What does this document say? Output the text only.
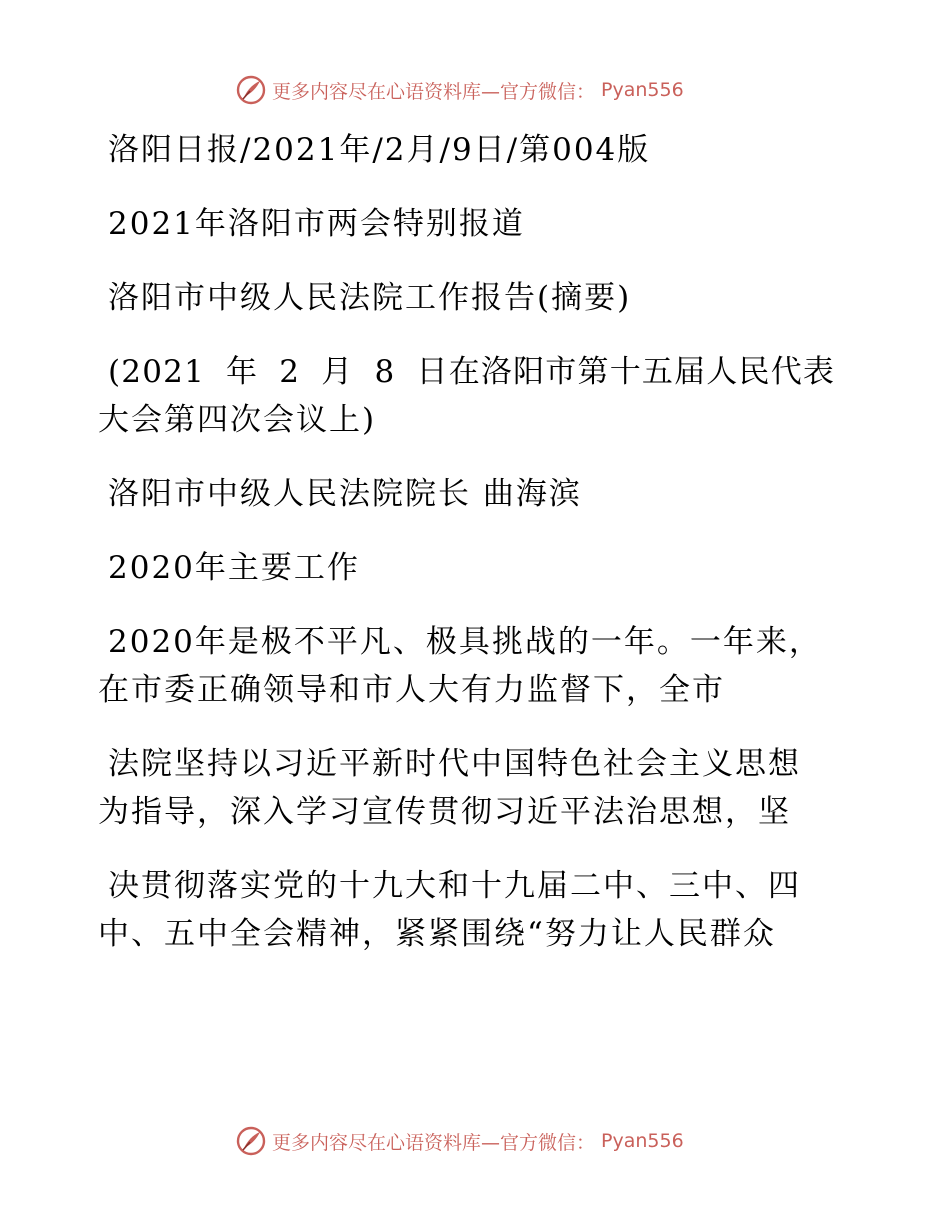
更多内容尽在心语资料库—官方微信： Pyan556
洛阳日报/2021年/2月/9日/第004版
2021年洛阳市两会特别报道
洛阳市中级人民法院工作报告(摘要)
(2021 年 2 月 8 日在洛阳市第十五届人民代表
大会第四次会议上)
洛阳市中级人民法院院长 曲海滨
2020年主要工作
2020年是极不平凡、极具挑战的一年。一年来，
在市委正确领导和市人大有力监督下，全市
法院坚持以习近平新时代中国特色社会主义思想
为指导，深入学习宣传贯彻习近平法治思想，坚
决贯彻落实党的十九大和十九届二中、三中、四
中、五中全会精神，紧紧围绕“努力让人民群众
更多内容尽在心语资料库—官方微信： Pyan556
